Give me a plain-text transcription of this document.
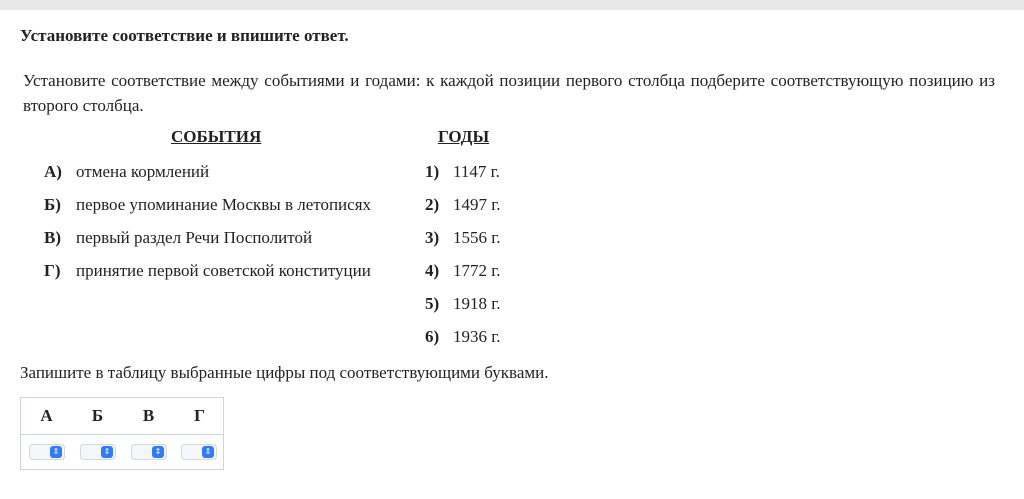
Установите соответствие и впишите ответ.
Установите соответствие между событиями и годами: к каждой позиции первого столбца подберите соответствующую позицию из второго столбца.
СОБЫТИЯ	ГОДЫ
А) отмена кормлений
Б) первое упоминание Москвы в летописях
В) первый раздел Речи Посполитой
Г) принятие первой советской конституции
1) 1147 г.
2) 1497 г.
3) 1556 г.
4) 1772 г.
5) 1918 г.
6) 1936 г.
Запишите в таблицу выбранные цифры под соответствующими буквами.
А	Б	В	Г
⇕	⇕	⇕	⇕
